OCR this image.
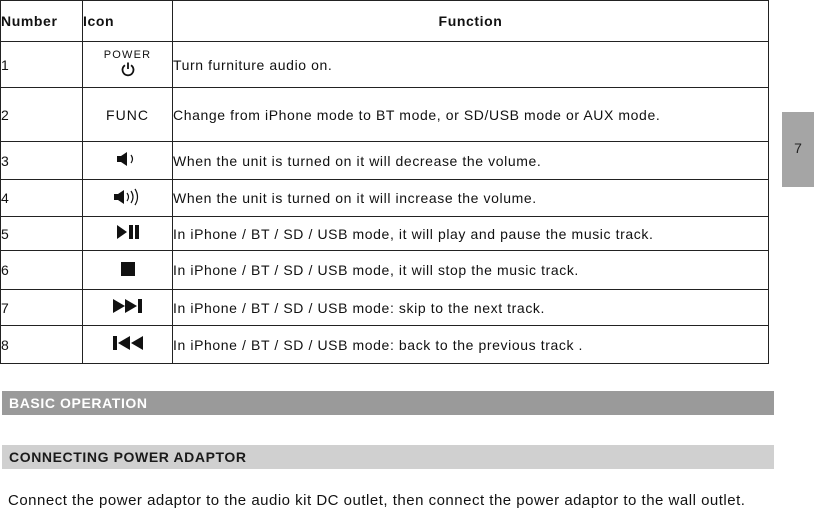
Number	Icon	Function
1	POWER	Turn furniture audio on.
2	FUNC	Change from iPhone mode to BT mode, or SD/USB mode or AUX mode.
3		When the unit is turned on it will decrease the volume.
4		When the unit is turned on it will increase the volume.
5		In iPhone / BT / SD / USB mode, it will play and pause the music track.
6		In iPhone / BT / SD / USB mode, it will stop the music track.
7		In iPhone / BT / SD / USB mode: skip to the next track.
8		In iPhone / BT / SD / USB mode: back to the previous track .
7
BASIC OPERATION
CONNECTING POWER ADAPTOR
Connect the power adaptor to the audio kit DC outlet, then connect the power adaptor to the wall outlet.
